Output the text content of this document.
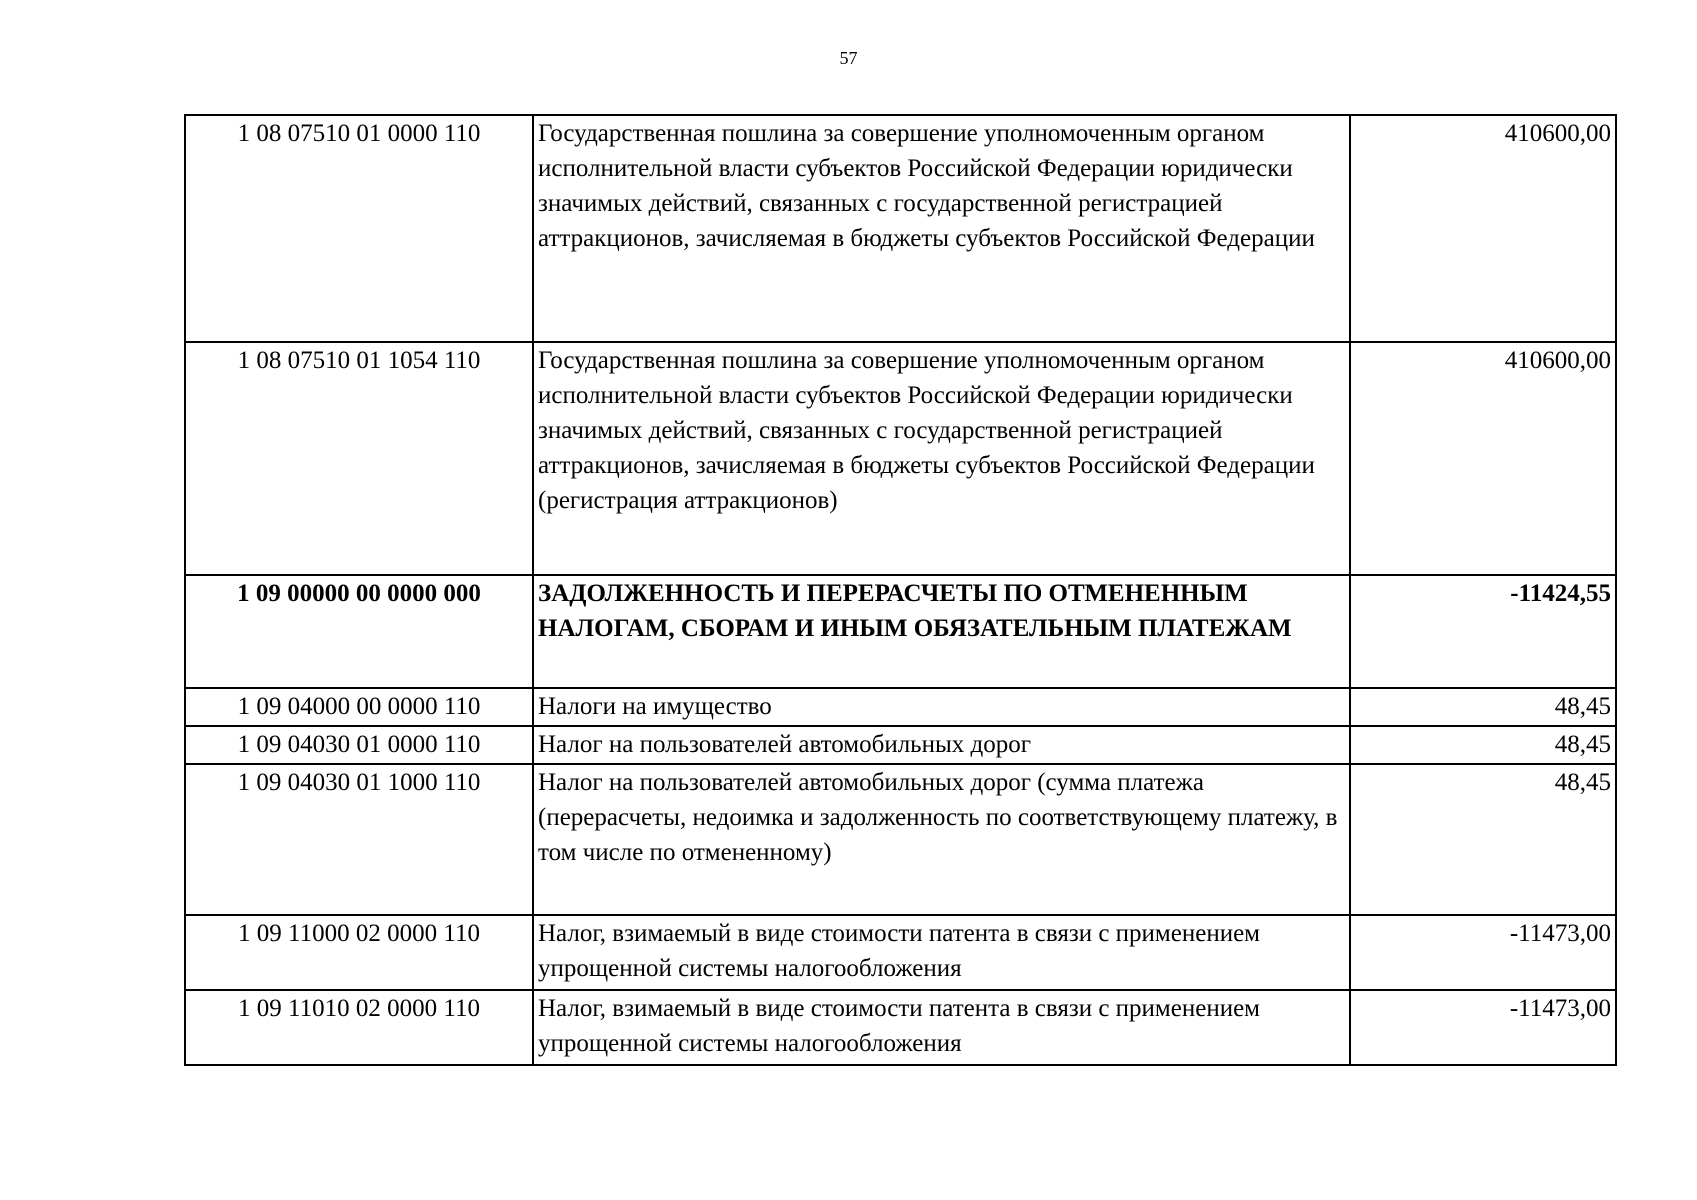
57
1 08 07510 01 0000 110	Государственная пошлина за совершение уполномоченным органом исполнительной власти субъектов Российской Федерации юридически значимых действий, связанных с государственной регистрацией аттракционов, зачисляемая в бюджеты субъектов Российской Федерации	410600,00
1 08 07510 01 1054 110	Государственная пошлина за совершение уполномоченным органом исполнительной власти субъектов Российской Федерации юридически значимых действий, связанных с государственной регистрацией аттракционов, зачисляемая в бюджеты субъектов Российской Федерации (регистрация аттракционов)	410600,00
1 09 00000 00 0000 000	ЗАДОЛЖЕННОСТЬ И ПЕРЕРАСЧЕТЫ ПО ОТМЕНЕННЫМ НАЛОГАМ, СБОРАМ И ИНЫМ ОБЯЗАТЕЛЬНЫМ ПЛАТЕЖАМ	-11424,55
1 09 04000 00 0000 110	Налоги на имущество	48,45
1 09 04030 01 0000 110	Налог на пользователей автомобильных дорог	48,45
1 09 04030 01 1000 110	Налог на пользователей автомобильных дорог (сумма платежа (перерасчеты, недоимка и задолженность по соответствующему платежу, в том числе по отмененному)	48,45
1 09 11000 02 0000 110	Налог, взимаемый в виде стоимости патента в связи с применением упрощенной системы налогообложения	-11473,00
1 09 11010 02 0000 110	Налог, взимаемый в виде стоимости патента в связи с применением упрощенной системы налогообложения	-11473,00
